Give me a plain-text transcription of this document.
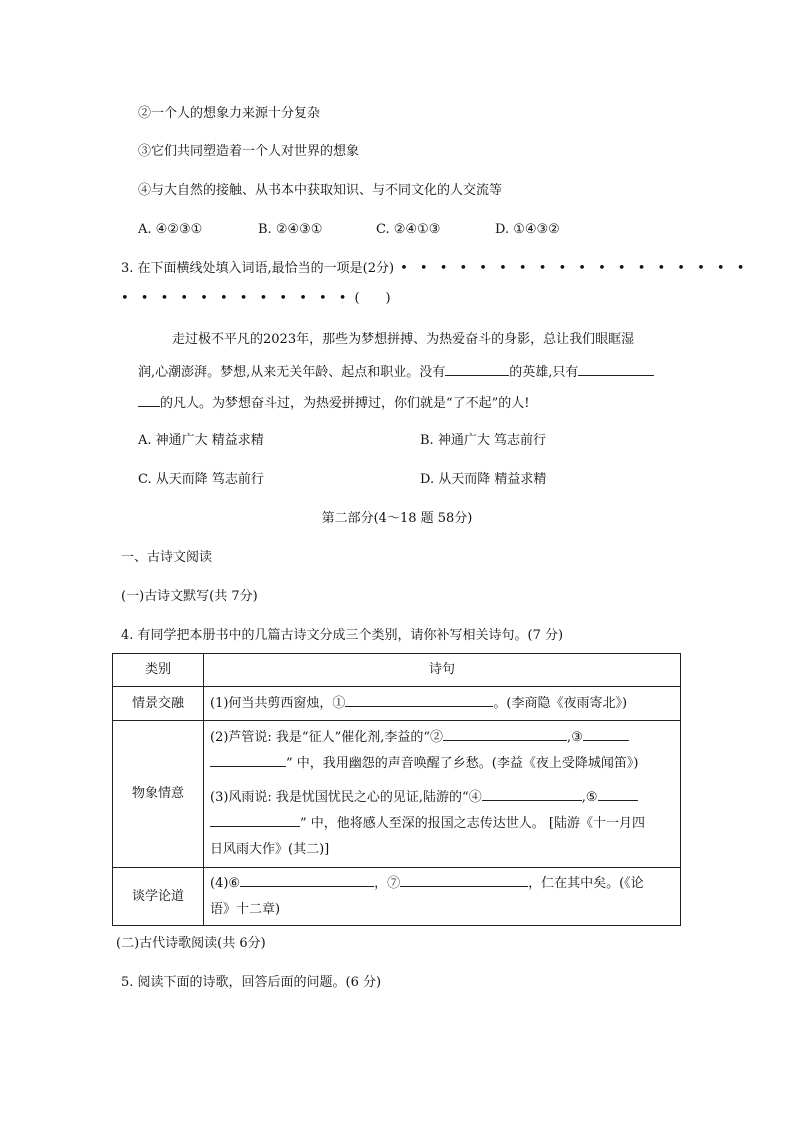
②一个人的想象力来源十分复杂
③它们共同塑造着一个人对世界的想象
④与大自然的接触、从书本中获取知识、与不同文化的人交流等
A. ④②③①	B. ②④③①	C. ②④①③	D. ①④③②
3. 在下面横线处填入词语,最恰当的一项是(2分) • • • • • • • • • • • • • • • • • •
• • • • • • • • • • • • (　　)
走过极不平凡的2023年，那些为梦想拼搏、为热爱奋斗的身影，总让我们眼眶湿
润,心潮澎湃。梦想,从来无关年龄、起点和职业。没有	的英雄,只有
的凡人。为梦想奋斗过，为热爱拼搏过，你们就是“了不起”的人!
A. 神通广大 精益求精	B. 神通广大 笃志前行
C. 从天而降 笃志前行	D. 从天而降 精益求精
第二部分(4～18 题 58分)
一、古诗文阅读
(一)古诗文默写(共 7分)
4. 有同学把本册书中的几篇古诗文分成三个类别，请你补写相关诗句。(7 分)
类别	诗句
情景交融	(1)何当共剪西窗烛，① 。(李商隐《夜雨寄北》)

物象情意	(2)芦管说: 我是“征人”催化剂,李益的“② ,③
” 中，我用幽怨的声音唤醒了乡愁。(李益《夜上受降城闻笛》)
(3)风雨说: 我是忧国忧民之心的见证,陆游的“④ ,⑤
” 中，他将感人至深的报国之志传达世人。 [陆游《十一月四
日风雨大作》(其二)]

谈学论道	(4)⑥ ，⑦ ，仁在其中矣。(《论
语》十二章)
(二)古代诗歌阅读(共 6分)
5. 阅读下面的诗歌，回答后面的问题。(6 分)
